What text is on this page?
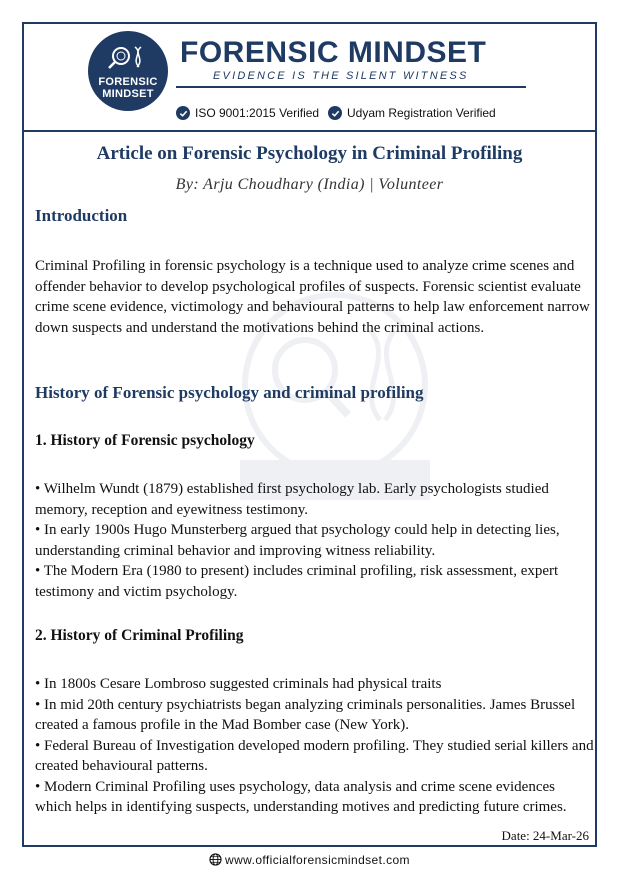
FORENSIC
MINDSET
FORENSIC MINDSET
EVIDENCE IS THE SILENT WITNESS
ISO 9001:2015 Verified Udyam Registration Verified
Article on Forensic Psychology in Criminal Profiling
By: Arju Choudhary (India) | Volunteer
Introduction

Criminal Profiling in forensic psychology is a technique used to analyze crime scenes and offender behavior to develop psychological profiles of suspects. Forensic scientist evaluate crime scene evidence, victimology and behavioural patterns to help law enforcement narrow down suspects and understand the motivations behind the criminal actions.

History of Forensic psychology and criminal profiling
1. History of Forensic psychology
• Wilhelm Wundt (1879) established first psychology lab. Early psychologists studied memory, reception and eyewitness testimony.
• In early 1900s Hugo Munsterberg argued that psychology could help in detecting lies, understanding criminal behavior and improving witness reliability.
• The Modern Era (1980 to present) includes criminal profiling, risk assessment, expert testimony and victim psychology.
2. History of Criminal Profiling
• In 1800s Cesare Lombroso suggested criminals had physical traits
• In mid 20th century psychiatrists began analyzing criminals personalities. James Brussel created a famous profile in the Mad Bomber case (New York).
• Federal Bureau of Investigation developed modern profiling. They studied serial killers and created behavioural patterns.
• Modern Criminal Profiling uses psychology, data analysis and crime scene evidences which helps in identifying suspects, understanding motives and predicting future crimes.
Date: 24-Mar-26
www.officialforensicmindset.com
